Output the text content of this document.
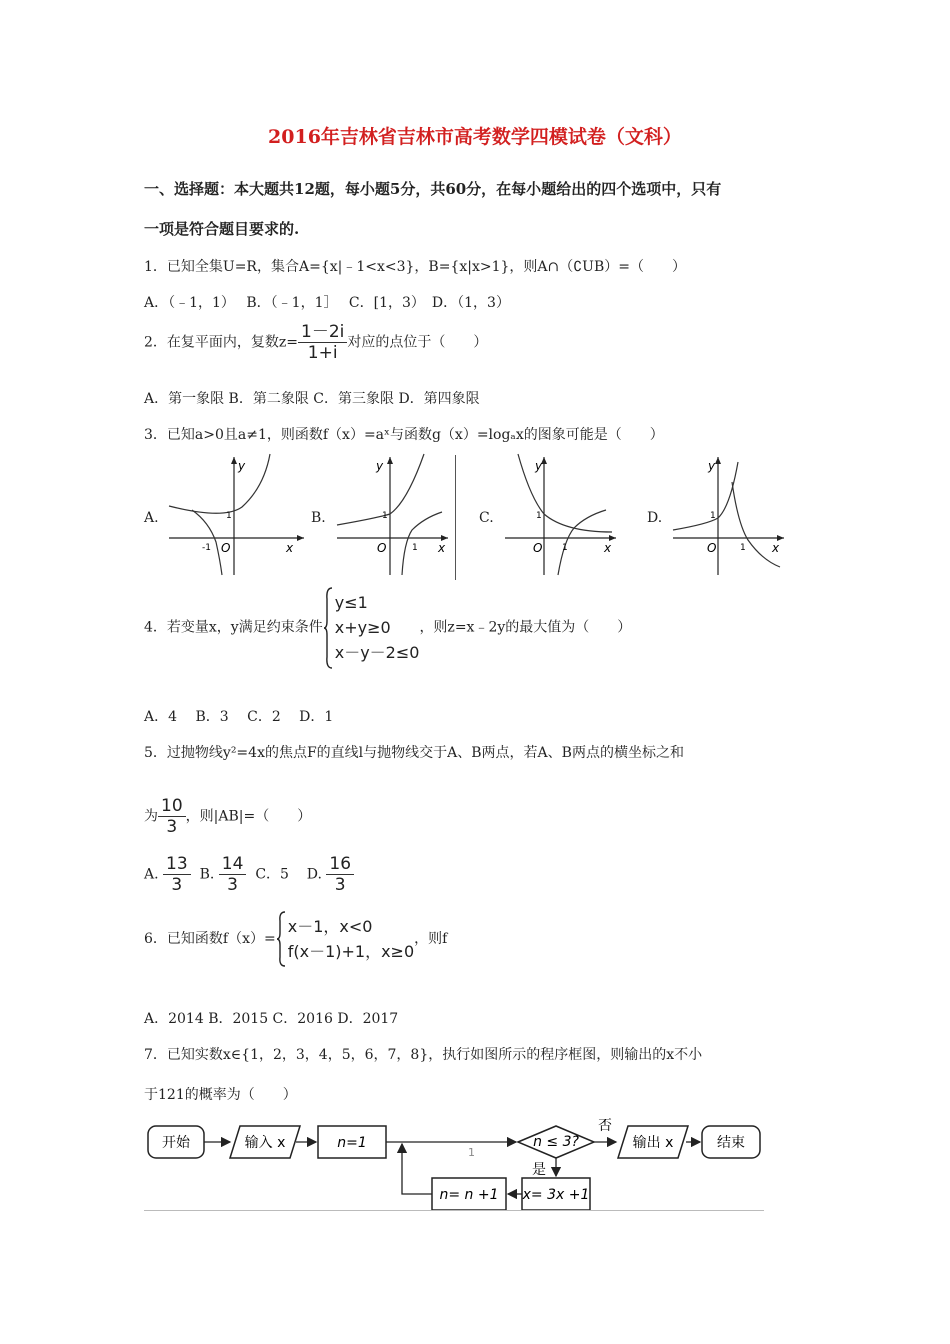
2016年吉林省吉林市高考数学四模试卷（文科）
一、选择题：本大题共12题，每小题5分，共60分，在每小题给出的四个选项中，只有
一项是符合题目要求的.
1．已知全集U=R，集合A={x|﹣1<x<3}，B={x|x>1}，则A∩（∁UB）=（　　）
A．（﹣1，1）　 B．（﹣1，1］　 C．[1，3）　D．（1，3）
2．在复平面内，复数$z= \frac{1-2i}{1+i}$ 对应的点位于（　　）
A．第一象限 B．第二象限 C．第三象限 D．第四象限
3．已知a>0且a≠1，则函数f（x）=aˣ与函数g（x）=logₐx的图象可能是（　　）
A.	B.	C.	D.
y
x
O
1
-1
y
x
O
1
1
y
x
O
1
1
y
x
O
1
1
4．若变量x，y满足约束条件
y≤1
x+y≥0
x－y－2≤0
，则z=x﹣2y的最大值为（　　）
A．4　 B．3　 C．2　 D．1
5．过抛物线y²=4x的焦点F的直线l与抛物线交于A、B两点，若A、B两点的横坐标之和
为 $\frac{10}{3}$ ，则|AB|=（　　）
A. $\frac{13}{3} B$. $\frac{14}{3}$ C．5 D. $\frac{16}{3}$
6．已知函数f（x）=
x－1，x<0
f(x－1)+1，x≥0
，则f
A．2014 B．2015 C．2016 D．2017
7．已知实数x∈{1，2，3，4，5，6，7，8}，执行如图所示的程序框图，则输出的x不小
于121的概率为（　　）
开始	输入 x	n=1
1
n ≤ 3?
否
输出 x	结束
是
x= 3x +1
n= n +1
